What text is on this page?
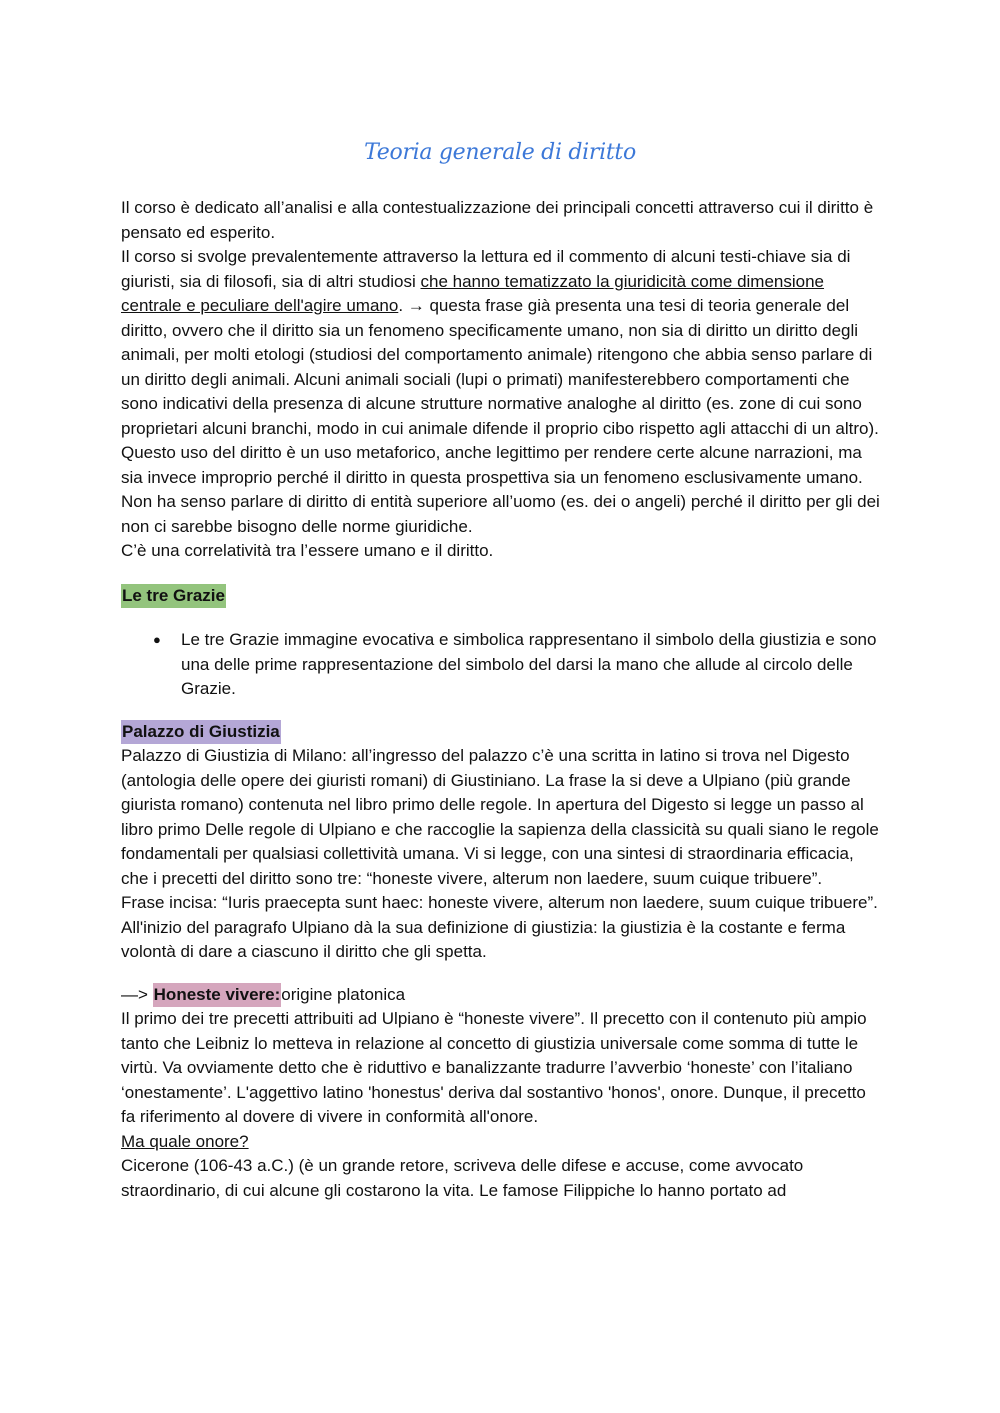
Teoria generale di diritto

Il corso è dedicato all’analisi e alla contestualizzazione dei principali concetti attraverso cui il diritto è pensato ed esperito.

Il corso si svolge prevalentemente attraverso la lettura ed il commento di alcuni testi-chiave sia di giuristi, sia di filosofi, sia di altri studiosi che hanno tematizzato la giuridicità come dimensione centrale e peculiare dell'agire umano. → questa frase già presenta una tesi di teoria generale del diritto, ovvero che il diritto sia un fenomeno specificamente umano, non sia di diritto un diritto degli animali, per molti etologi (studiosi del comportamento animale) ritengono che abbia senso parlare di un diritto degli animali. Alcuni animali sociali (lupi o primati) manifesterebbero comportamenti che sono indicativi della presenza di alcune strutture normative analoghe al diritto (es. zone di cui sono proprietari alcuni branchi, modo in cui animale difende il proprio cibo rispetto agli attacchi di un altro).

Questo uso del diritto è un uso metaforico, anche legittimo per rendere certe alcune narrazioni, ma sia invece improprio perché il diritto in questa prospettiva sia un fenomeno esclusivamente umano. Non ha senso parlare di diritto di entità superiore all’uomo (es. dei o angeli) perché il diritto per gli dei non ci sarebbe bisogno delle norme giuridiche.

C’è una correlatività tra l’essere umano e il diritto.

Le tre Grazie

● Le tre Grazie immagine evocativa e simbolica rappresentano il simbolo della giustizia e sono una delle prime rappresentazione del simbolo del darsi la mano che allude al circolo delle Grazie.

Palazzo di Giustizia

Palazzo di Giustizia di Milano: all’ingresso del palazzo c’è una scritta in latino si trova nel Digesto (antologia delle opere dei giuristi romani) di Giustiniano. La frase la si deve a Ulpiano (più grande giurista romano) contenuta nel libro primo delle regole. In apertura del Digesto si legge un passo al libro primo Delle regole di Ulpiano e che raccoglie la sapienza della classicità su quali siano le regole fondamentali per qualsiasi collettività umana. Vi si legge, con una sintesi di straordinaria efficacia, che i precetti del diritto sono tre: “honeste vivere, alterum non laedere, suum cuique tribuere”.

Frase incisa: “Iuris praecepta sunt haec: honeste vivere, alterum non laedere, suum cuique tribuere”.

All'inizio del paragrafo Ulpiano dà la sua definizione di giustizia: la giustizia è la costante e ferma volontà di dare a ciascuno il diritto che gli spetta.

—> Honeste vivere:origine platonica

Il primo dei tre precetti attribuiti ad Ulpiano è “honeste vivere”. Il precetto con il contenuto più ampio tanto che Leibniz lo metteva in relazione al concetto di giustizia universale come somma di tutte le virtù. Va ovviamente detto che è riduttivo e banalizzante tradurre l’avverbio ‘honeste’ con l’italiano ‘onestamente’. L'aggettivo latino 'honestus' deriva dal sostantivo 'honos', onore. Dunque, il precetto fa riferimento al dovere di vivere in conformità all'onore.

Ma quale onore?

Cicerone (106-43 a.C.) (è un grande retore, scriveva delle difese e accuse, come avvocato straordinario, di cui alcune gli costarono la vita. Le famose Filippiche lo hanno portato ad
